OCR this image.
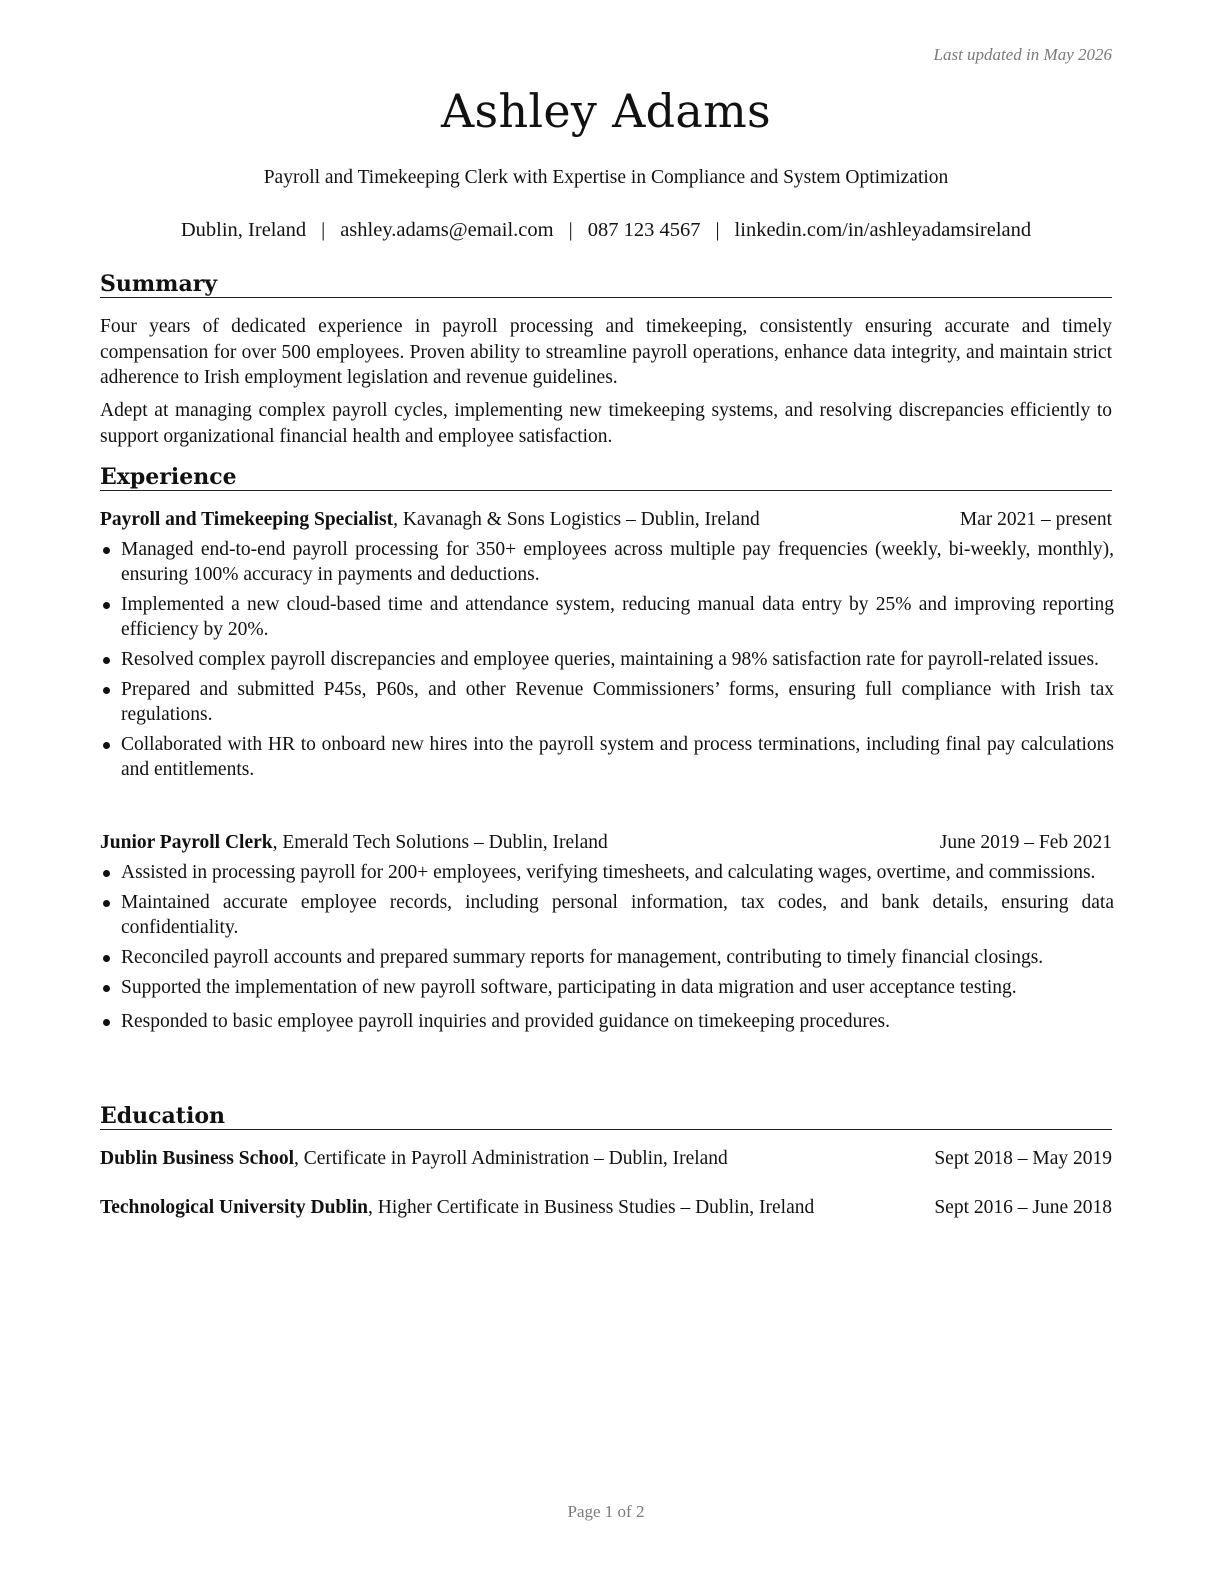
Last updated in May 2026
Ashley Adams
Payroll and Timekeeping Clerk with Expertise in Compliance and System Optimization
Dublin, Ireland | ashley.adams@email.com | 087 123 4567 | linkedin.com/in/ashleyadamsireland
Summary
Four years of dedicated experience in payroll processing and timekeeping, consistently ensuring accurate and timely compensation for over 500 employees. Proven ability to streamline payroll operations, enhance data integrity, and maintain strict adherence to Irish employment legislation and revenue guidelines.
Adept at managing complex payroll cycles, implementing new timekeeping systems, and resolving discrepancies efficiently to support organizational financial health and employee satisfaction.
Experience
Payroll and Timekeeping Specialist, Kavanagh & Sons Logistics – Dublin, Ireland	Mar 2021 – present
Managed end-to-end payroll processing for 350+ employees across multiple pay frequencies (weekly, bi-weekly, monthly), ensuring 100% accuracy in payments and deductions.
Implemented a new cloud-based time and attendance system, reducing manual data entry by 25% and improving reporting efficiency by 20%.
Resolved complex payroll discrepancies and employee queries, maintaining a 98% satisfaction rate for payroll-related issues.
Prepared and submitted P45s, P60s, and other Revenue Commissioners’ forms, ensuring full compliance with Irish tax regulations.
Collaborated with HR to onboard new hires into the payroll system and process terminations, including final pay calculations and entitlements.
Junior Payroll Clerk, Emerald Tech Solutions – Dublin, Ireland	June 2019 – Feb 2021
Assisted in processing payroll for 200+ employees, verifying timesheets, and calculating wages, overtime, and commissions.
Maintained accurate employee records, including personal information, tax codes, and bank details, ensuring data confidentiality.
Reconciled payroll accounts and prepared summary reports for management, contributing to timely financial closings.
Supported the implementation of new payroll software, participating in data migration and user acceptance testing.
Responded to basic employee payroll inquiries and provided guidance on timekeeping procedures.
Education
Dublin Business School, Certificate in Payroll Administration – Dublin, Ireland	Sept 2018 – May 2019
Technological University Dublin, Higher Certificate in Business Studies – Dublin, Ireland	Sept 2016 – June 2018
Page 1 of 2
